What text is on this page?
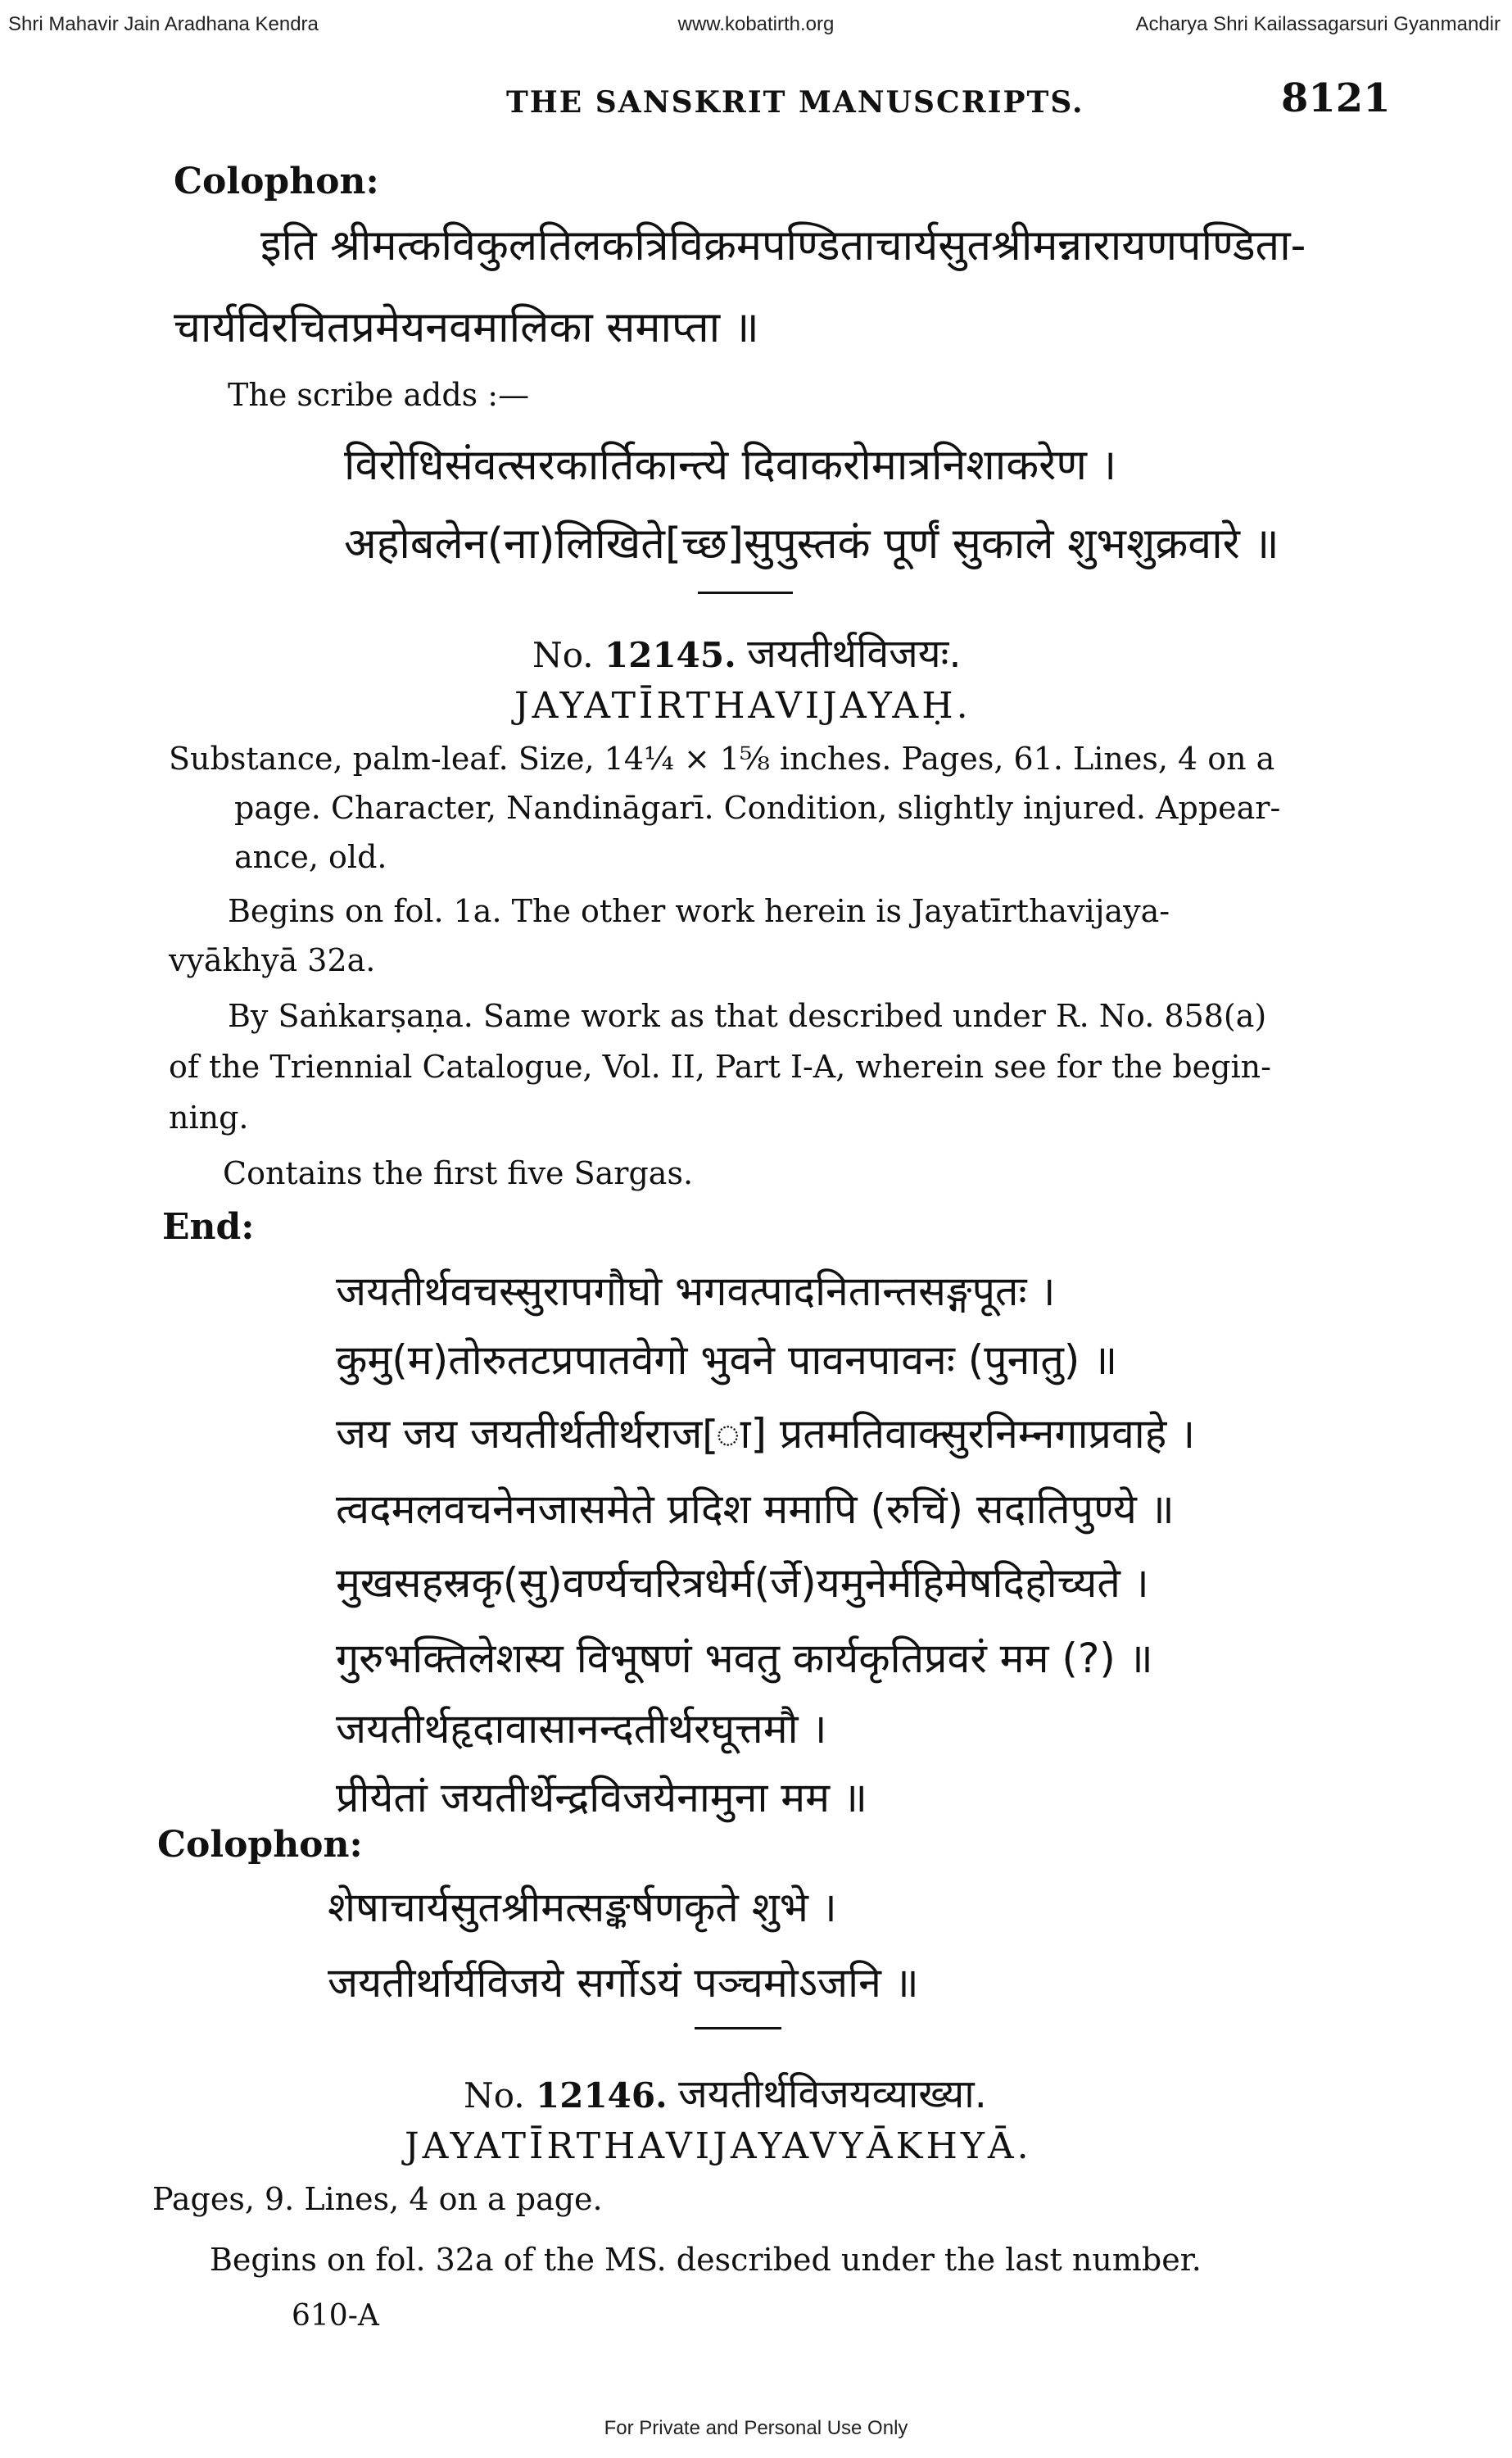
Shri Mahavir Jain Aradhana Kendra	www.kobatirth.org	Acharya Shri Kailassagarsuri Gyanmandir
THE SANSKRIT MANUSCRIPTS.	8121
Colophon:
इति श्रीमत्कविकुलतिलकत्रिविक्रमपण्डिताचार्यसुतश्रीमन्नारायणपण्डिता-
चार्यविरचितप्रमेयनवमालिका समाप्ता ॥
The scribe adds :—
विरोधिसंवत्सरकार्तिकान्त्ये दिवाकरोमात्रनिशाकरेण ।
अहोबलेन(ना)लिखिते[च्छ]सुपुस्तकं पूर्णं सुकाले शुभशुक्रवारे ॥
No. 12145. जयतीर्थविजयः.
JAYATĪRTHAVIJAYAḤ.
Substance, palm-leaf. Size, 14¼ × 1⅝ inches. Pages, 61. Lines, 4 on a
page. Character, Nandināgarī. Condition, slightly injured. Appear-
ance, old.
Begins on fol. 1a. The other work herein is Jayatīrthavijaya-
vyākhyā 32a.
By Saṅkarṣaṇa. Same work as that described under R. No. 858(a)
of the Triennial Catalogue, Vol. II, Part I-A, wherein see for the begin-
ning.
Contains the first five Sargas.
End:
जयतीर्थवचस्सुरापगौघो भगवत्पादनितान्तसङ्गपूतः ।
कुमु(म)तोरुतटप्रपातवेगो भुवने पावनपावनः (पुनातु) ॥
जय जय जयतीर्थतीर्थराज[ा] प्रतमतिवाक्सुरनिम्नगाप्रवाहे ।
त्वदमलवचनेनजासमेते प्रदिश ममापि (रुचिं) सदातिपुण्ये ॥
मुखसहस्रकृ(सु)वर्ण्यचरित्रधेर्म(र्जे)यमुनेर्महिमेषदिहोच्यते ।
गुरुभक्तिलेशस्य विभूषणं भवतु कार्यकृतिप्रवरं मम (?) ॥
जयतीर्थहृदावासानन्दतीर्थरघूत्तमौ ।
प्रीयेतां जयतीर्थेन्द्रविजयेनामुना मम ॥
Colophon:
शेषाचार्यसुतश्रीमत्सङ्कर्षणकृते शुभे ।
जयतीर्थार्यविजये सर्गोऽयं पञ्चमोऽजनि ॥
No. 12146. जयतीर्थविजयव्याख्या.
JAYATĪRTHAVIJAYAVYĀKHYĀ.
Pages, 9. Lines, 4 on a page.
Begins on fol. 32a of the MS. described under the last number.
610-A
For Private and Personal Use Only
